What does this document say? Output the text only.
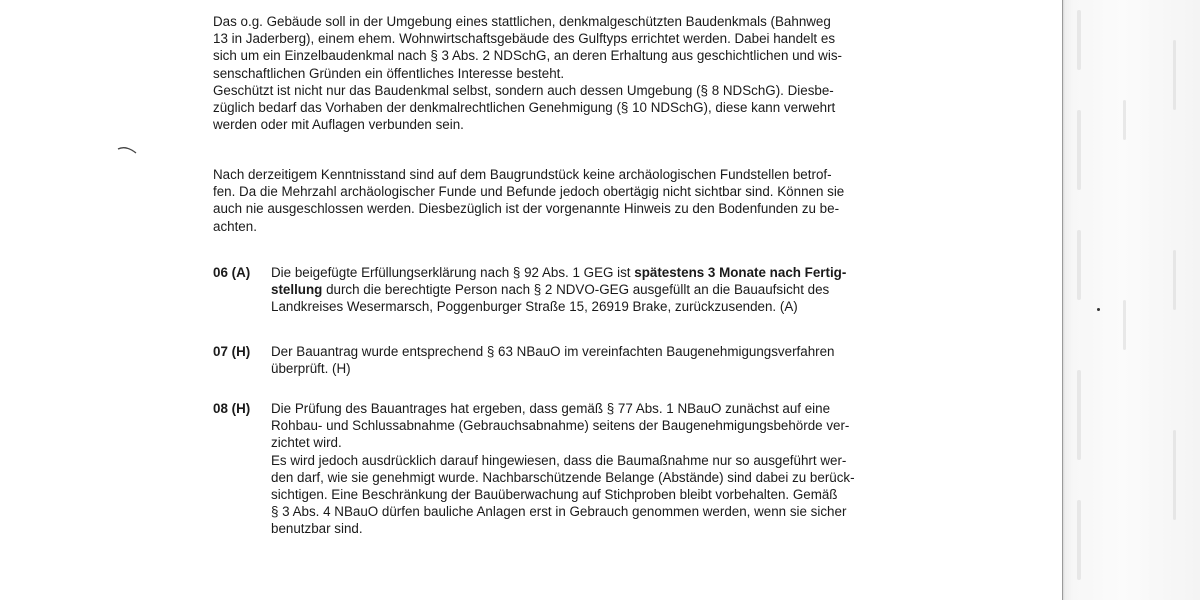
Das o.g. Gebäude soll in der Umgebung eines stattlichen, denkmalgeschützten Baudenkmals (Bahnweg
13 in Jaderberg), einem ehem. Wohnwirtschaftsgebäude des Gulftyps errichtet werden. Dabei handelt es
sich um ein Einzelbaudenkmal nach § 3 Abs. 2 NDSchG, an deren Erhaltung aus geschichtlichen und wis-
senschaftlichen Gründen ein öffentliches Interesse besteht.
Geschützt ist nicht nur das Baudenkmal selbst, sondern auch dessen Umgebung (§ 8 NDSchG). Diesbe-
züglich bedarf das Vorhaben der denkmalrechtlichen Genehmigung (§ 10 NDSchG), diese kann verwehrt
werden oder mit Auflagen verbunden sein.
Nach derzeitigem Kenntnisstand sind auf dem Baugrundstück keine archäologischen Fundstellen betrof-
fen. Da die Mehrzahl archäologischer Funde und Befunde jedoch obertägig nicht sichtbar sind. Können sie
auch nie ausgeschlossen werden. Diesbezüglich ist der vorgenannte Hinweis zu den Bodenfunden zu be-
achten.
06 (A) Die beigefügte Erfüllungserklärung nach § 92 Abs. 1 GEG ist spätestens 3 Monate nach Fertig-
stellung durch die berechtigte Person nach § 2 NDVO-GEG ausgefüllt an die Bauaufsicht des
Landkreises Wesermarsch, Poggenburger Straße 15, 26919 Brake, zurückzusenden. (A)
07 (H) Der Bauantrag wurde entsprechend § 63 NBauO im vereinfachten Baugenehmigungsverfahren
überprüft. (H)
08 (H) Die Prüfung des Bauantrages hat ergeben, dass gemäß § 77 Abs. 1 NBauO zunächst auf eine
Rohbau- und Schlussabnahme (Gebrauchsabnahme) seitens der Baugenehmigungsbehörde ver-
zichtet wird.
Es wird jedoch ausdrücklich darauf hingewiesen, dass die Baumaßnahme nur so ausgeführt wer-
den darf, wie sie genehmigt wurde. Nachbarschützende Belange (Abstände) sind dabei zu berück-
sichtigen. Eine Beschränkung der Bauüberwachung auf Stichproben bleibt vorbehalten. Gemäß
§ 3 Abs. 4 NBauO dürfen bauliche Anlagen erst in Gebrauch genommen werden, wenn sie sicher
benutzbar sind.
